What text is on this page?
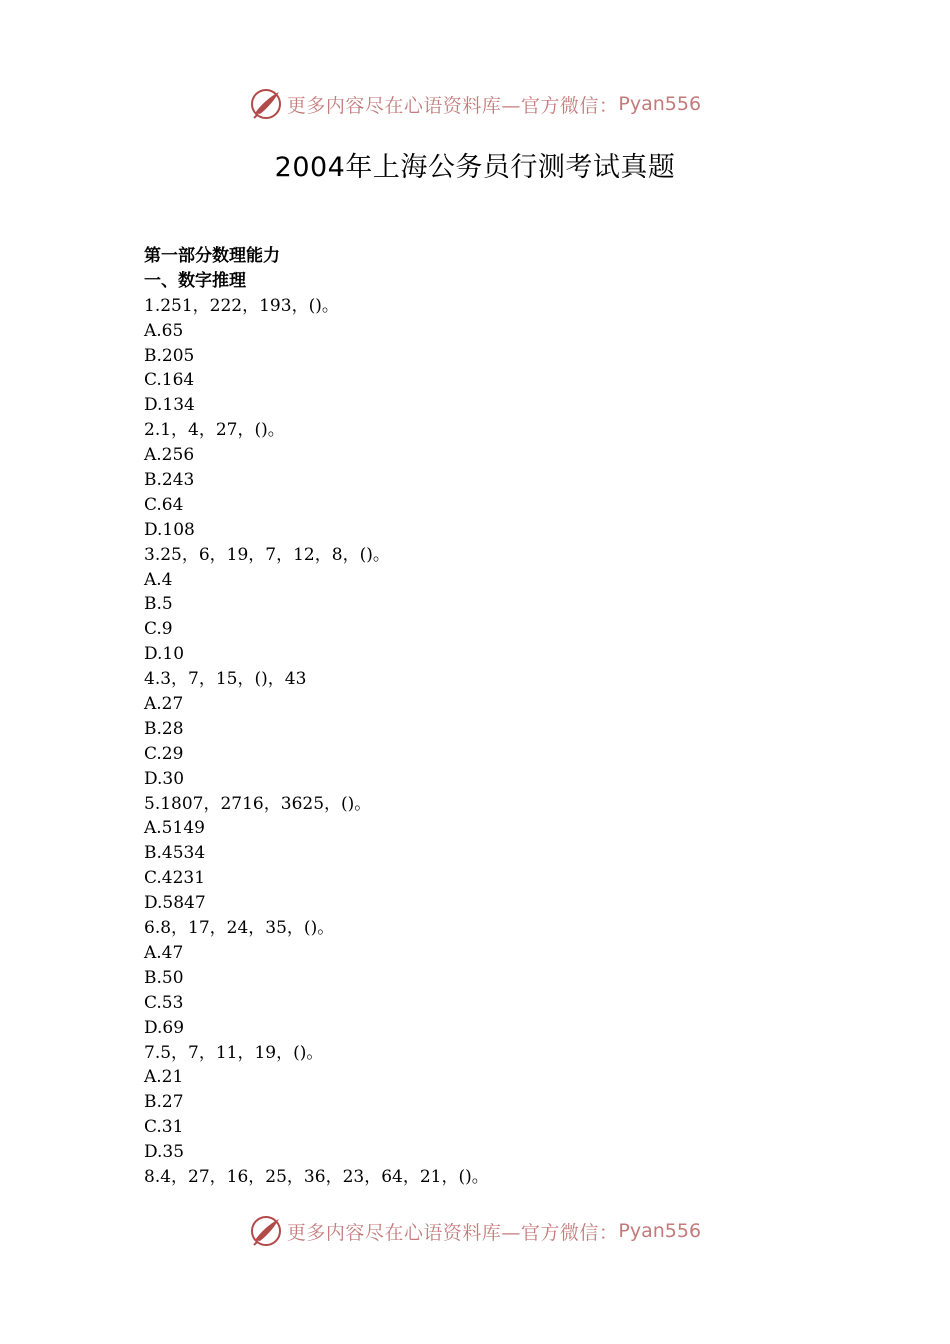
更多内容尽在心语资料库—官方微信： Pyan556
2004年上海公务员行测考试真题
第一部分数理能力
一、数字推理
1.251，222，193，()。
A.65
B.205
C.164
D.134
2.1，4，27，()。
A.256
B.243
C.64
D.108
3.25，6，19，7，12，8，()。
A.4
B.5
C.9
D.10
4.3，7，15，()，43
A.27
B.28
C.29
D.30
5.1807，2716，3625，()。
A.5149
B.4534
C.4231
D.5847
6.8，17，24，35，()。
A.47
B.50
C.53
D.69
7.5，7，11，19，()。
A.21
B.27
C.31
D.35
8.4，27，16，25，36，23，64，21，()。
更多内容尽在心语资料库—官方微信： Pyan556
